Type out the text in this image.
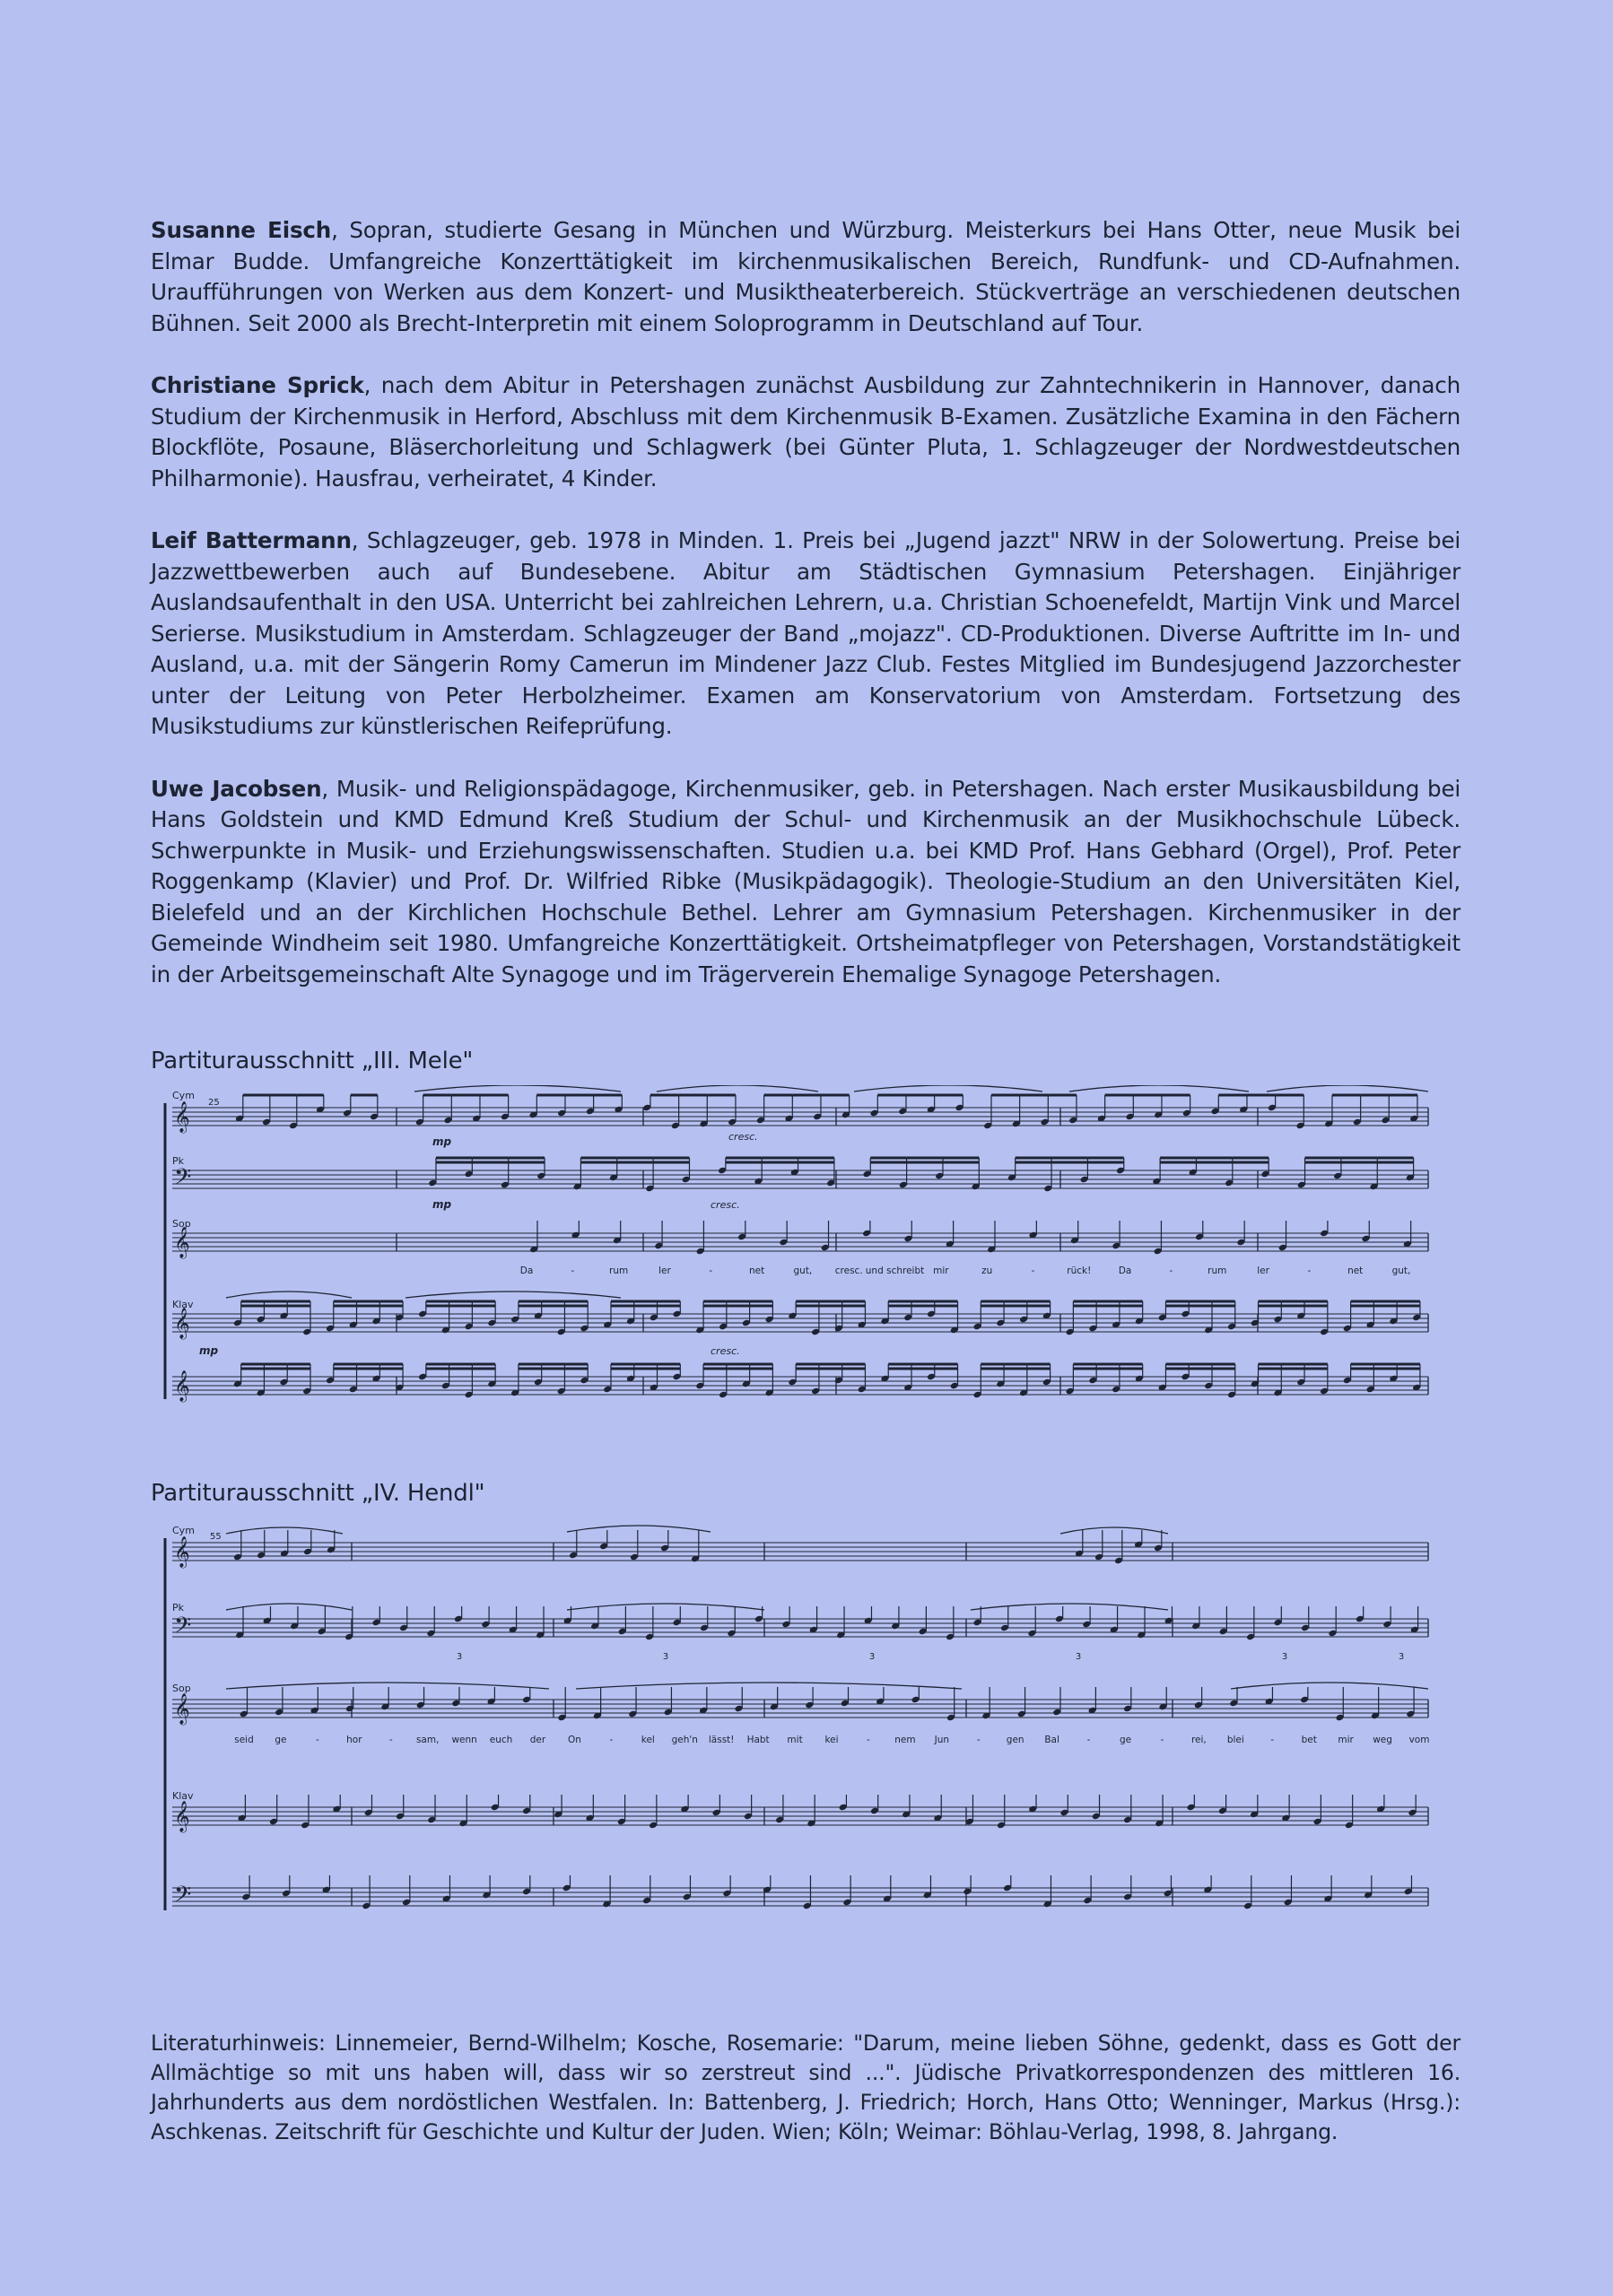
Susanne Eisch, Sopran, studierte Gesang in München und Würzburg. Meisterkurs bei Hans Otter, neue Musik bei Elmar Budde. Umfangreiche Konzerttätigkeit im kirchenmusikalischen Bereich, Rundfunk- und CD-Aufnahmen. Uraufführungen von Werken aus dem Konzert- und Musiktheaterbereich. Stückverträge an verschiedenen deutschen Bühnen. Seit 2000 als Brecht-Interpretin mit einem Soloprogramm in Deutschland auf Tour.

Christiane Sprick, nach dem Abitur in Petershagen zunächst Ausbildung zur Zahntechnikerin in Hannover, danach Studium der Kirchenmusik in Herford, Abschluss mit dem Kirchenmusik B-Examen. Zusätzliche Examina in den Fächern Blockflöte, Posaune, Bläserchorleitung und Schlagwerk (bei Günter Pluta, 1. Schlagzeuger der Nordwestdeutschen Philharmonie). Hausfrau, verheiratet, 4 Kinder.

Leif Battermann, Schlagzeuger, geb. 1978 in Minden. 1. Preis bei „Jugend jazzt" NRW in der Solowertung. Preise bei Jazzwettbewerben auch auf Bundesebene. Abitur am Städtischen Gymnasium Petershagen. Einjähriger Auslandsaufenthalt in den USA. Unterricht bei zahlreichen Lehrern, u.a. Christian Schoenefeldt, Martijn Vink und Marcel Serierse. Musikstudium in Amsterdam. Schlagzeuger der Band „mojazz". CD-Produktionen. Diverse Auftritte im In- und Ausland, u.a. mit der Sängerin Romy Camerun im Mindener Jazz Club. Festes Mitglied im Bundesjugend Jazzorchester unter der Leitung von Peter Herbolzheimer. Examen am Konservatorium von Amsterdam. Fortsetzung des Musikstudiums zur künstlerischen Reifeprüfung.

Uwe Jacobsen, Musik- und Religionspädagoge, Kirchenmusiker, geb. in Petershagen. Nach erster Musikausbildung bei Hans Goldstein und KMD Edmund Kreß Studium der Schul- und Kirchenmusik an der Musikhochschule Lübeck. Schwerpunkte in Musik- und Erziehungswissenschaften. Studien u.a. bei KMD Prof. Hans Gebhard (Orgel), Prof. Peter Roggenkamp (Klavier) und Prof. Dr. Wilfried Ribke (Musikpädagogik). Theologie-Studium an den Universitäten Kiel, Bielefeld und an der Kirchlichen Hochschule Bethel. Lehrer am Gymnasium Petershagen. Kirchenmusiker in der Gemeinde Windheim seit 1980. Umfangreiche Konzerttätigkeit. Ortsheimatpfleger von Petershagen, Vorstandstätigkeit in der Arbeitsgemeinschaft Alte Synagoge und im Trägerverein Ehemalige Synagoge Petershagen.

Partiturausschnitt „III. Mele"
𝄞
𝄢
𝄞
𝄞
𝄞
Cym
Pk
Sop
Klav
25
mp
mp
mp
cresc.
cresc.
cresc.
Da	-	rum	ler	-	net	gut, cresc. und schreibt mir	zu	-	rück!	Da	-	rum	ler	-	net	gut,
Partiturausschnitt „IV. Hendl"
𝄞
𝄢
𝄞
𝄞
𝄢
Cym
Pk
Sop
Klav
55
3	3	3	3	3	3
seid ge	-	hor	-	sam, wenn euch der On	-	kel geh'n lässt! Habt mit kei	-	nem Jun	-	gen Bal	-	ge	-	rei, blei	-	bet mir weg vom
Literaturhinweis: Linnemeier, Bernd-Wilhelm; Kosche, Rosemarie: "Darum, meine lieben Söhne, gedenkt, dass es Gott der Allmächtige so mit uns haben will, dass wir so zerstreut sind ...". Jüdische Privatkorrespondenzen des mittleren 16. Jahrhunderts aus dem nordöstlichen Westfalen. In: Battenberg, J. Friedrich; Horch, Hans Otto; Wenninger, Markus (Hrsg.): Aschkenas. Zeitschrift für Geschichte und Kultur der Juden. Wien; Köln; Weimar: Böhlau-Verlag, 1998, 8. Jahrgang.
